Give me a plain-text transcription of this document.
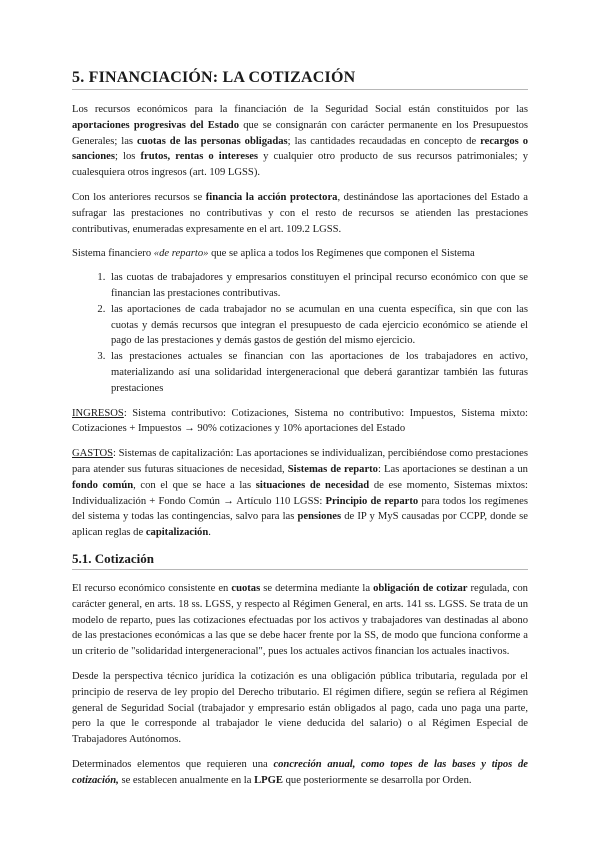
5. FINANCIACIÓN: LA COTIZACIÓN

Los recursos económicos para la financiación de la Seguridad Social están constituidos por las aportaciones progresivas del Estado que se consignarán con carácter permanente en los Presupuestos Generales; las cuotas de las personas obligadas; las cantidades recaudadas en concepto de recargos o sanciones; los frutos, rentas o intereses y cualquier otro producto de sus recursos patrimoniales; y cualesquiera otros ingresos (art. 109 LGSS).

Con los anteriores recursos se financia la acción protectora, destinándose las aportaciones del Estado a sufragar las prestaciones no contributivas y con el resto de recursos se atienden las prestaciones contributivas, enumeradas expresamente en el art. 109.2 LGSS.

Sistema financiero «de reparto» que se aplica a todos los Regímenes que componen el Sistema

1. las cuotas de trabajadores y empresarios constituyen el principal recurso económico con que se financian las prestaciones contributivas.
2. las aportaciones de cada trabajador no se acumulan en una cuenta específica, sin que con las cuotas y demás recursos que integran el presupuesto de cada ejercicio económico se atiende el pago de las prestaciones y demás gastos de gestión del mismo ejercicio.
3. las prestaciones actuales se financian con las aportaciones de los trabajadores en activo, materializando así una solidaridad intergeneracional que deberá garantizar también las futuras prestaciones

INGRESOS: Sistema contributivo: Cotizaciones, Sistema no contributivo: Impuestos, Sistema mixto: Cotizaciones + Impuestos → 90% cotizaciones y 10% aportaciones del Estado

GASTOS: Sistemas de capitalización: Las aportaciones se individualizan, percibiéndose como prestaciones para atender sus futuras situaciones de necesidad, Sistemas de reparto: Las aportaciones se destinan a un fondo común, con el que se hace a las situaciones de necesidad de ese momento, Sistemas mixtos: Individualización + Fondo Común → Artículo 110 LGSS: Principio de reparto para todos los regímenes del sistema y todas las contingencias, salvo para las pensiones de IP y MyS causadas por CCPP, donde se aplican reglas de capitalización.

5.1. Cotización

El recurso económico consistente en cuotas se determina mediante la obligación de cotizar regulada, con carácter general, en arts. 18 ss. LGSS, y respecto al Régimen General, en arts. 141 ss. LGSS. Se trata de un modelo de reparto, pues las cotizaciones efectuadas por los activos y trabajadores van destinadas al abono de las prestaciones económicas a las que se debe hacer frente por la SS, de modo que funciona conforme a un criterio de "solidaridad intergeneracional", pues los actuales activos financian los actuales inactivos.

Desde la perspectiva técnico jurídica la cotización es una obligación pública tributaria, regulada por el principio de reserva de ley propio del Derecho tributario. El régimen difiere, según se refiera al Régimen general de Seguridad Social (trabajador y empresario están obligados al pago, cada uno paga una parte, pero la que le corresponde al trabajador le viene deducida del salario) o al Régimen Especial de Trabajadores Autónomos.

Determinados elementos que requieren una concreción anual, como topes de las bases y tipos de cotización, se establecen anualmente en la LPGE que posteriormente se desarrolla por Orden.
